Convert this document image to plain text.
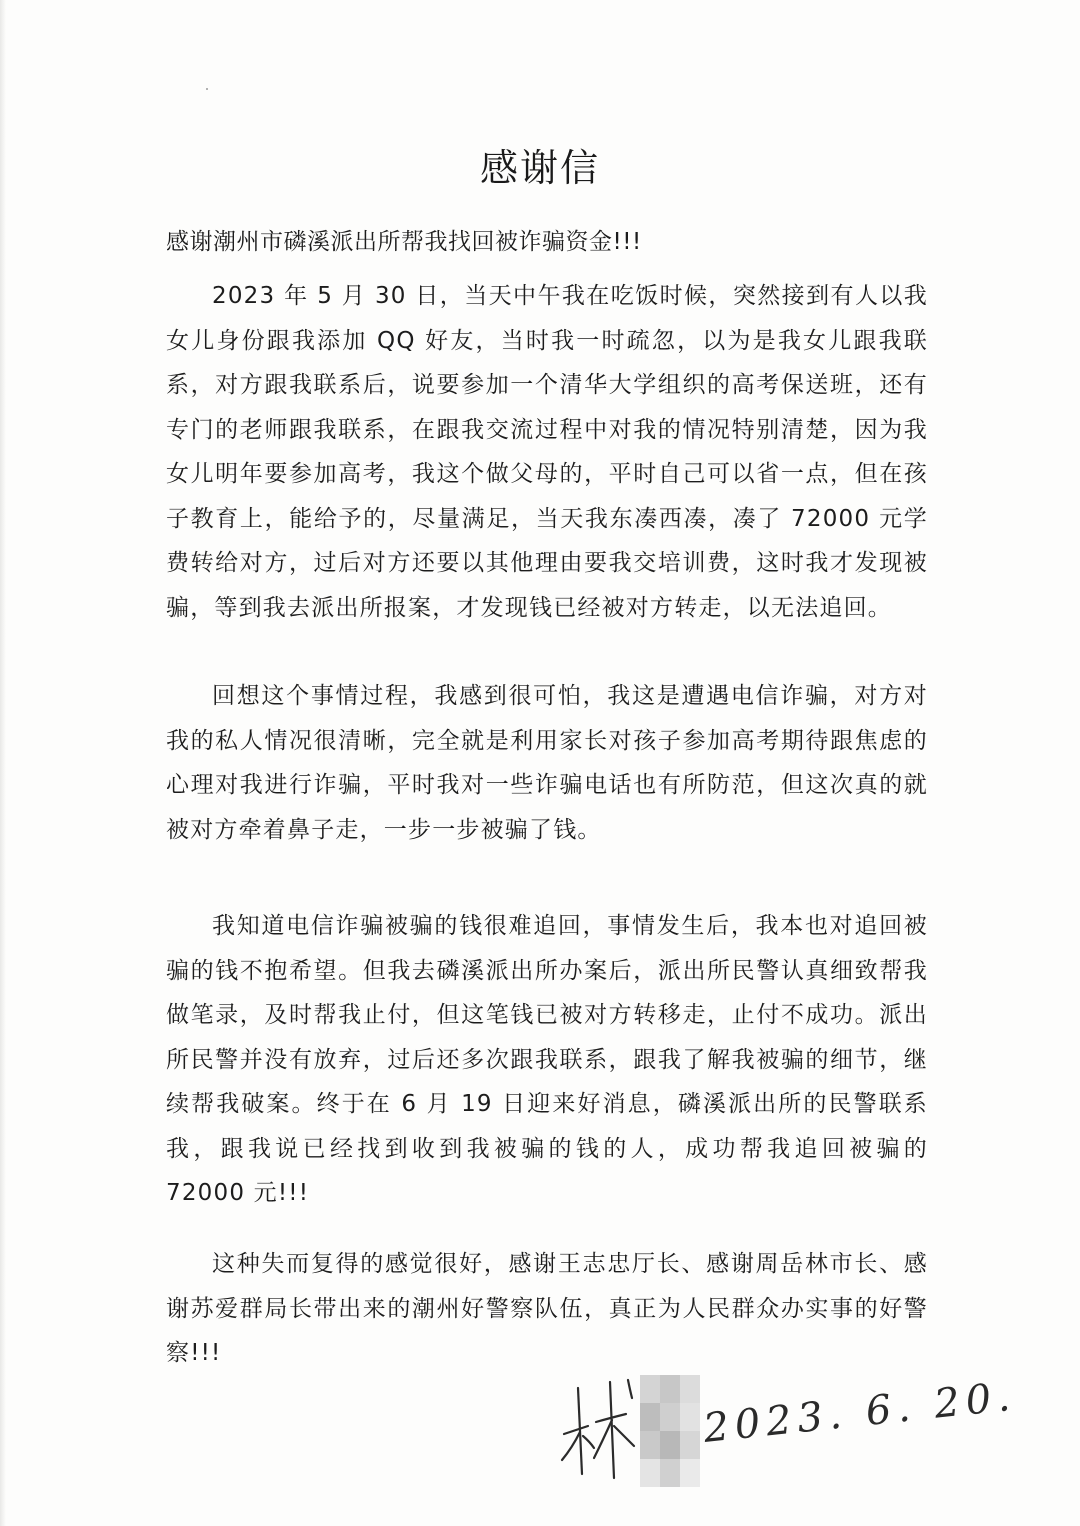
感谢信
感谢潮州市磷溪派出所帮我找回被诈骗资金!!!

2023 年 5 月 30 日，当天中午我在吃饭时候，突然接到有人以我女儿身份跟我添加 QQ 好友，当时我一时疏忽，以为是我女儿跟我联系，对方跟我联系后，说要参加一个清华大学组织的高考保送班，还有专门的老师跟我联系，在跟我交流过程中对我的情况特别清楚，因为我女儿明年要参加高考，我这个做父母的，平时自己可以省一点，但在孩子教育上，能给予的，尽量满足，当天我东凑西凑，凑了 72000 元学费转给对方，过后对方还要以其他理由要我交培训费，这时我才发现被骗，等到我去派出所报案，才发现钱已经被对方转走，以无法追回。

回想这个事情过程，我感到很可怕，我这是遭遇电信诈骗，对方对我的私人情况很清晰，完全就是利用家长对孩子参加高考期待跟焦虑的心理对我进行诈骗，平时我对一些诈骗电话也有所防范，但这次真的就被对方牵着鼻子走，一步一步被骗了钱。

我知道电信诈骗被骗的钱很难追回，事情发生后，我本也对追回被骗的钱不抱希望。但我去磷溪派出所办案后，派出所民警认真细致帮我做笔录，及时帮我止付，但这笔钱已被对方转移走，止付不成功。派出所民警并没有放弃，过后还多次跟我联系，跟我了解我被骗的细节，继续帮我破案。终于在 6 月 19 日迎来好消息，磷溪派出所的民警联系我，跟我说已经找到收到我被骗的钱的人，成功帮我追回被骗的 72000 元!!!

这种失而复得的感觉很好，感谢王志忠厅长、感谢周岳林市长、感谢苏爱群局长带出来的潮州好警察队伍，真正为人民群众办实事的好警察!!!

2023. 6. 20.
